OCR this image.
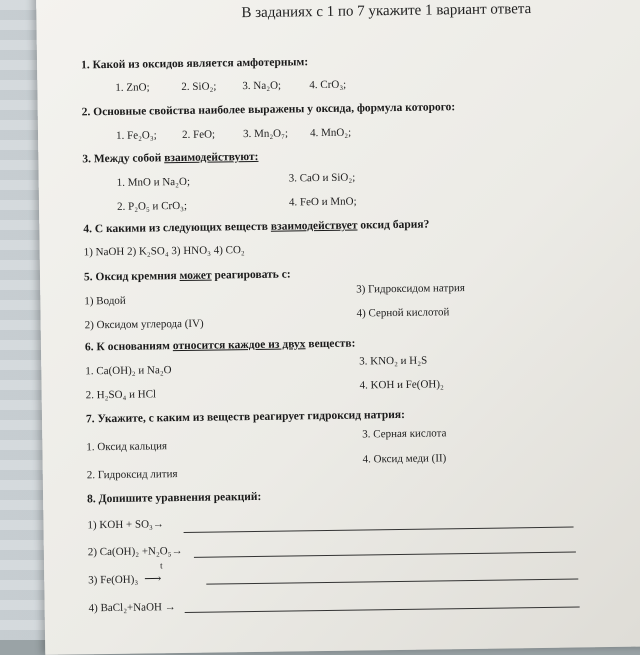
В заданиях с 1 по 7 укажите 1 вариант ответа
1. Какой из оксидов является амфотерным:
1. ZnO;	2. SiO₂; 3. Na₂O;	4. CrO₃;
2. Основные свойства наиболее выражены у оксида, формула которого:
1. Fe₂O₃; 2. FeO;	3. Mn₂O₇; 4. MnO₂;
3. Между собой взаимодействуют:
1. MnO и Na₂O;	3. CaO и SiO₂;
2. P₂O₅ и CrO₃;	4. FeO и MnO;
4. С какими из следующих веществ взаимодействует оксид бария?
1) NaOH 2) K₂SO₄ 3) HNO₃ 4) CO₂
5. Оксид кремния может реагировать с:
1) Водой
3) Гидроксидом натрия
2) Оксидом углерода (IV)
4) Серной кислотой
6. К основаниям относится каждое из двух веществ:
1. Ca(OH)₂ и Na₂O
3. KNO₂ и H₂S
2. H₂SO₄ и HCl
4. KOH и Fe(OH)₂
7. Укажите, с каким из веществ реагирует гидроксид натрия:
1. Оксид кальция
3. Серная кислота
2. Гидроксид лития
4. Оксид меди (II)
8. Допишите уравнения реакций:
1) KOH + SO₃→
2) Ca(OH)₂ +N₂O₅→
3) Fe(OH)₃
t
⟶
4) BaCl₂+NaOH →
